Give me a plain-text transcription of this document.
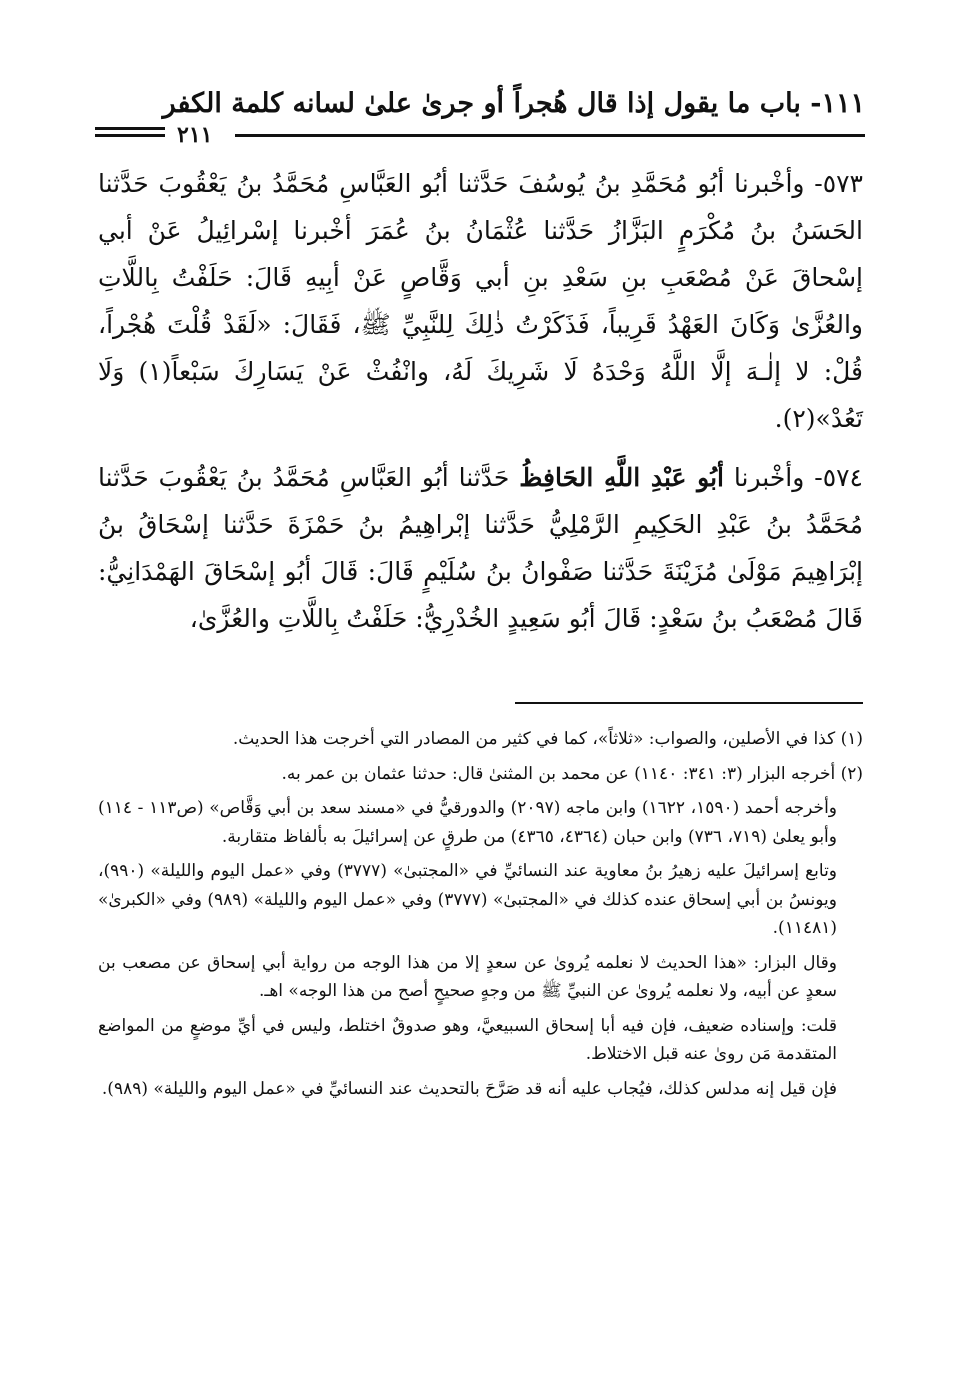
١١١- باب ما يقول إذا قال هُجراً أو جرىٰ علىٰ لسانه كلمة الكفر
٢١١

٥٧٣- وأخْبرنا أبُو مُحَمَّدِ بنُ يُوسُفَ حَدَّثنا أبُو العَبَّاسِ مُحَمَّدُ بنُ يَعْقُوبَ حَدَّثنا الحَسَنُ بنُ مُكْرَمٍ البَزَّازُ حَدَّثنا عُثْمَانُ بنُ عُمَرَ أخْبرنا إسْرائِيلُ عَنْ أبي إسْحاقَ عَنْ مُصْعَبِ بنِ سَعْدِ بنِ أبي وَقَّاصٍ عَنْ أبِيهِ قَالَ: حَلَفْتُ بِاللَّاتِ والعُزَّىٰ وَكَانَ العَهْدُ قَرِيباً، فَذَكَرْتُ ذٰلِكَ لِلنَّبِيِّ ﷺ، فَقَالَ: «لَقَدْ قُلْتَ هُجْراً، قُلْ: لا إلٰـهَ إلَّا اللَّهُ وَحْدَهُ لَا شَرِيكَ لَهُ، وانْفُثْ عَنْ يَسَارِكَ سَبْعاً(١) وَلَا تَعُدْ»(٢).

٥٧٤- وأخْبرنا أبُو عَبْدِ اللَّهِ الحَافِظُ حَدَّثنا أبُو العَبَّاسِ مُحَمَّدُ بنُ يَعْقُوبَ حَدَّثنا مُحَمَّدُ بنُ عَبْدِ الحَكِيمِ الرَّمْلِيُّ حَدَّثنا إبْراهِيمُ بنُ حَمْزَةَ حَدَّثنا إسْحَاقُ بنُ إبْرَاهِيمَ مَوْلَىٰ مُزَيْنَةَ حَدَّثنا صَفْوانُ بنُ سُلَيْمٍ قَالَ: قَالَ أبُو إسْحَاقَ الهَمْدَانِيُّ: قَالَ مُصْعَبُ بنُ سَعْدٍ: قَالَ أبُو سَعِيدٍ الخُدْرِيُّ: حَلَفْتُ بِاللَّاتِ والعُزَّىٰ،

(١) كذا في الأصلين، والصواب: «ثلاثاً»، كما في كثير من المصادر التي أخرجت هذا الحديث.

(٢) أخرجه البزار (٣: ٣٤١: ١١٤٠) عن محمد بن المثنىٰ قال: حدثنا عثمان بن عمر به.

وأخرجه أحمد (١٥٩٠، ١٦٢٢) وابن ماجه (٢٠٩٧) والدورقيُّ في «مسند سعد بن أبي وَقَّاص» (ص١١٣ - ١١٤) وأبو يعلىٰ (٧١٩، ٧٣٦) وابن حبان (٤٣٦٤، ٤٣٦٥) من طرقٍ عن إسرائيلَ به بألفاظ متقاربة.

وتابع إسرائيلَ عليه زهيرُ بنُ معاوية عند النسائيِّ في «المجتبىٰ» (٣٧٧٧) وفي «عمل اليوم والليلة» (٩٩٠)، ويونسُ بن أبي إسحاق عنده كذلك في «المجتبىٰ» (٣٧٧٧) وفي «عمل اليوم والليلة» (٩٨٩) وفي «الكبرىٰ» (١١٤٨١).

وقال البزار: «هذا الحديث لا نعلمه يُروىٰ عن سعدٍ إلا من هذا الوجه من رواية أبي إسحاق عن مصعب بن سعدٍ عن أبيه، ولا نعلمه يُروىٰ عن النبيِّ ﷺ من وجهٍ صحيحٍ أصح من هذا الوجه» اهـ.

قلت: وإسناده ضعيف، فإن فيه أبا إسحاق السبيعيَّ، وهو صدوقٌ اختلط، وليس في أيِّ موضعٍ من المواضع المتقدمة مَن روىٰ عنه قبل الاختلاط.

فإن قيل إنه مدلس كذلك، فيُجاب عليه أنه قد صَرَّحَ بالتحديث عند النسائيِّ في «عمل اليوم والليلة» (٩٨٩).
